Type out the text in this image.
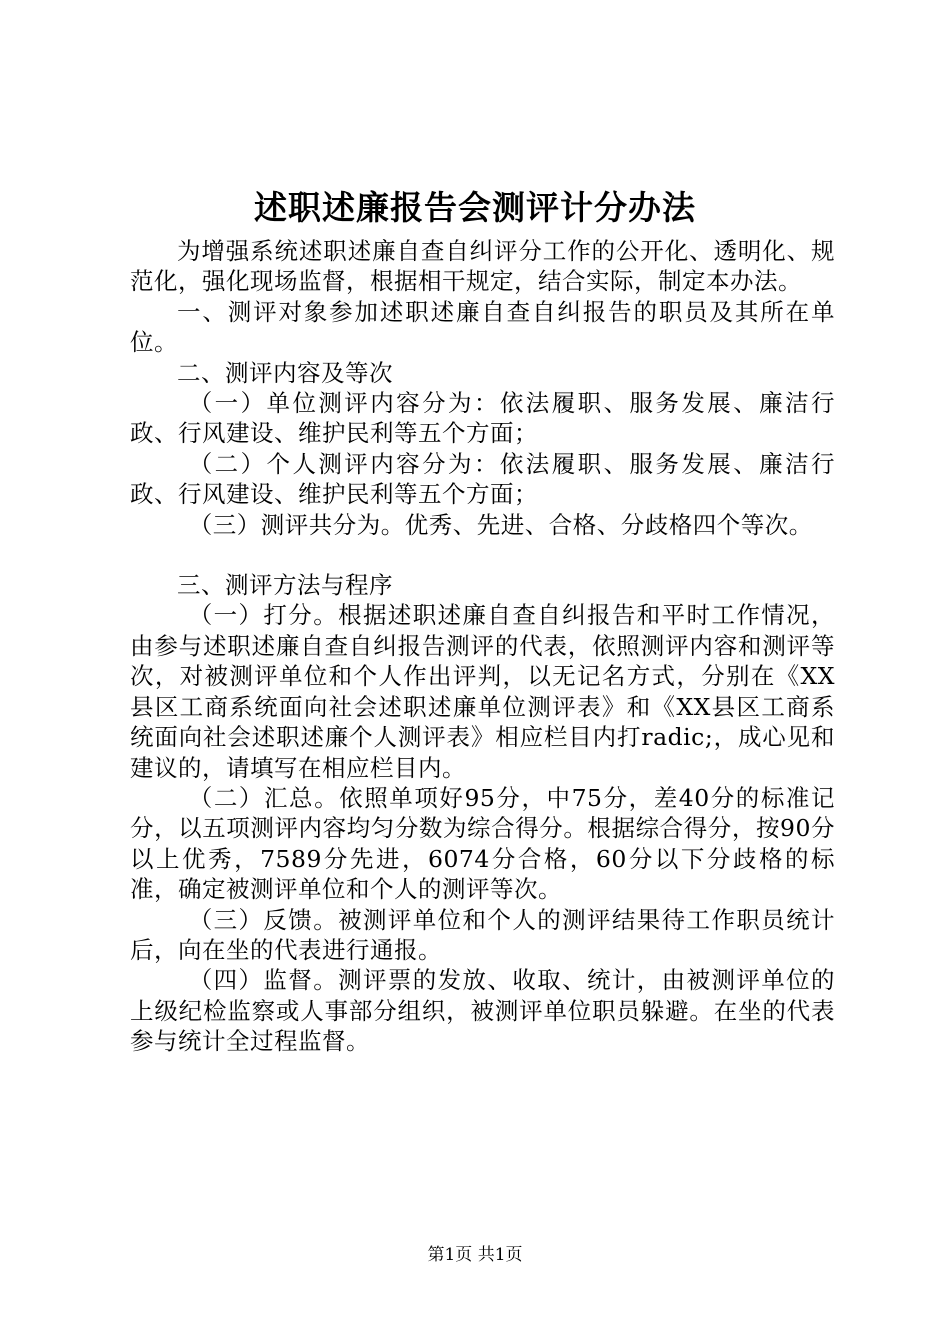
述职述廉报告会测评计分办法

为增强系统述职述廉自查自纠评分工作的公开化、透明化、规范化，强化现场监督，根据相干规定，结合实际，制定本办法。

一、测评对象参加述职述廉自查自纠报告的职员及其所在单位。

二、测评内容及等次

（一）单位测评内容分为：依法履职、服务发展、廉洁行政、行风建设、维护民利等五个方面；

（二）个人测评内容分为：依法履职、服务发展、廉洁行政、行风建设、维护民利等五个方面；

（三）测评共分为。优秀、先进、合格、分歧格四个等次。

三、测评方法与程序

（一）打分。根据述职述廉自查自纠报告和平时工作情况，由参与述职述廉自查自纠报告测评的代表，依照测评内容和测评等次，对被测评单位和个人作出评判，以无记名方式，分别在《XX县区工商系统面向社会述职述廉单位测评表》和《XX县区工商系统面向社会述职述廉个人测评表》相应栏目内打radic;，成心见和建议的，请填写在相应栏目内。

（二）汇总。依照单项好95分，中75分，差40分的标准记分，以五项测评内容均匀分数为综合得分。根据综合得分，按90分以上优秀，7589分先进，6074分合格，60分以下分歧格的标准，确定被测评单位和个人的测评等次。

（三）反馈。被测评单位和个人的测评结果待工作职员统计后，向在坐的代表进行通报。

（四）监督。测评票的发放、收取、统计，由被测评单位的上级纪检监察或人事部分组织，被测评单位职员躲避。在坐的代表参与统计全过程监督。

第1页 共1页
